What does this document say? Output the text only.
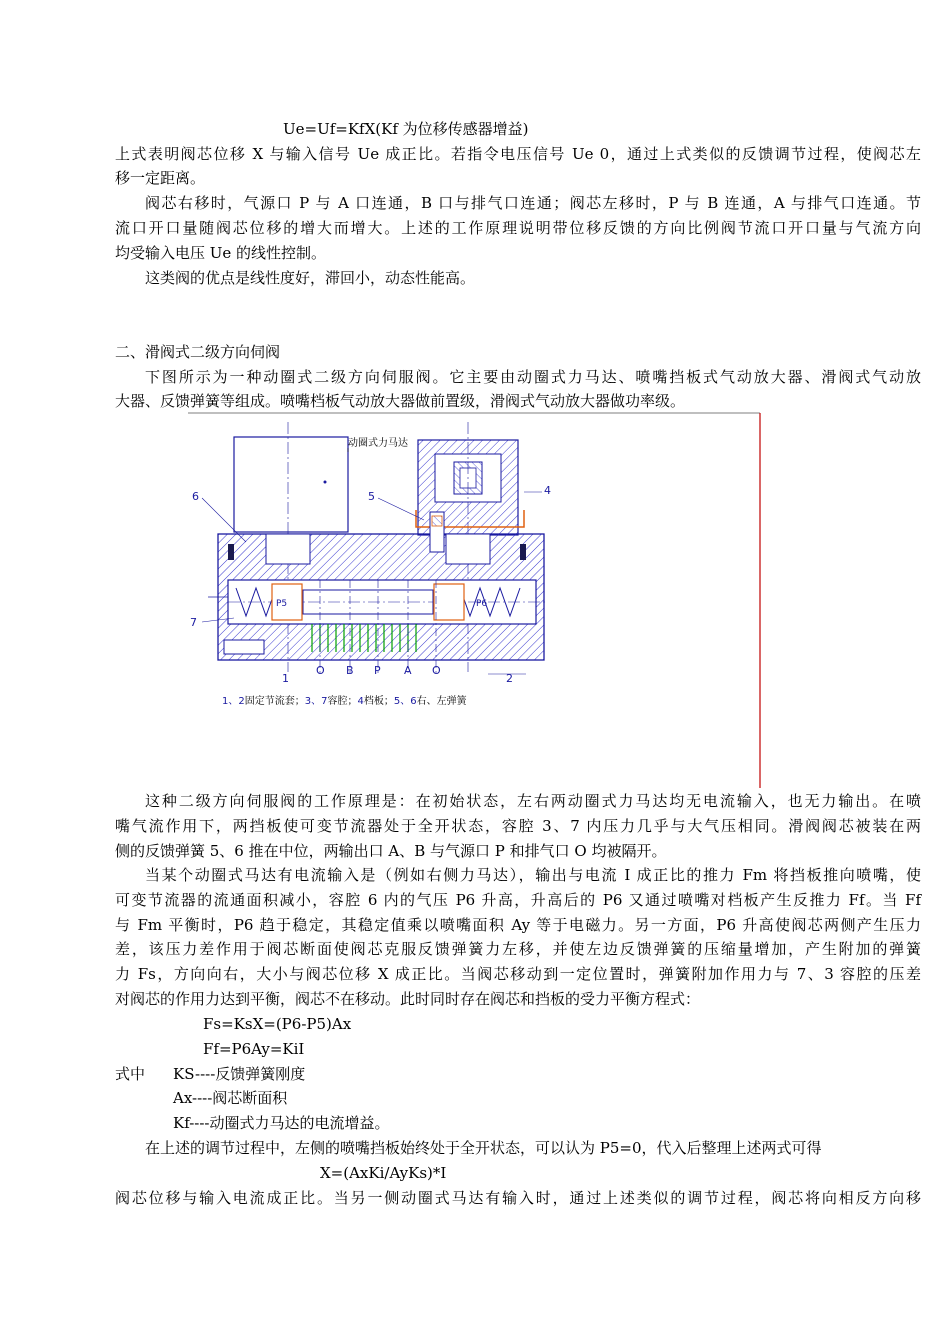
Ue=Uf=KfX(Kf 为位移传感器增益)
上式表明阀芯位移 X 与输入信号 Ue 成正比。若指令电压信号 Ue 0，通过上式类似的反馈调节过程，使阀芯左
移一定距离。
阀芯右移时，气源口 P 与 A 口连通，B 口与排气口连通；阀芯左移时，P 与 B 连通，A 与排气口连通。节
流口开口量随阀芯位移的增大而增大。上述的工作原理说明带位移反馈的方向比例阀节流口开口量与气流方向
均受输入电压 Ue 的线性控制。
这类阀的优点是线性度好，滞回小，动态性能高。
二、滑阀式二级方向伺阀
下图所示为一种动圈式二级方向伺服阀。它主要由动圈式力马达、喷嘴挡板式气动放大器、滑阀式气动放
大器、反馈弹簧等组成。喷嘴档板气动放大器做前置级，滑阀式气动放大器做功率级。
动圈式力马达
6	5	4
7
1	2
O B P A O
P5	P6
1、2固定节流套；3、7容腔；4档板；5、6右、左弹簧
这种二级方向伺服阀的工作原理是：在初始状态，左右两动圈式力马达均无电流输入，也无力输出。在喷
嘴气流作用下，两挡板使可变节流器处于全开状态，容腔 3、7 内压力几乎与大气压相同。滑阀阀芯被装在两
侧的反馈弹簧 5、6 推在中位，两输出口 A、B 与气源口 P 和排气口 O 均被隔开。
当某个动圈式马达有电流输入是（例如右侧力马达），输出与电流 I 成正比的推力 Fm 将挡板推向喷嘴，使
可变节流器的流通面积减小，容腔 6 内的气压 P6 升高，升高后的 P6 又通过喷嘴对档板产生反推力 Ff。当 Ff
与 Fm 平衡时，P6 趋于稳定，其稳定值乘以喷嘴面积 Ay 等于电磁力。另一方面，P6 升高使阀芯两侧产生压力
差，该压力差作用于阀芯断面使阀芯克服反馈弹簧力左移，并使左边反馈弹簧的压缩量增加，产生附加的弹簧
力 Fs，方向向右，大小与阀芯位移 X 成正比。当阀芯移动到一定位置时，弹簧附加作用力与 7、3 容腔的压差
对阀芯的作用力达到平衡，阀芯不在移动。此时同时存在阀芯和挡板的受力平衡方程式：
Fs=KsX=(P6-P5)Ax
Ff=P6Ay=KiI
式中 KS----反馈弹簧刚度
Ax----阀芯断面积
Kf----动圈式力马达的电流增益。
在上述的调节过程中，左侧的喷嘴挡板始终处于全开状态，可以认为 P5=0，代入后整理上述两式可得
X=(AxKi/AyKs)*I
阀芯位移与输入电流成正比。当另一侧动圈式马达有输入时，通过上述类似的调节过程，阀芯将向相反方向移
